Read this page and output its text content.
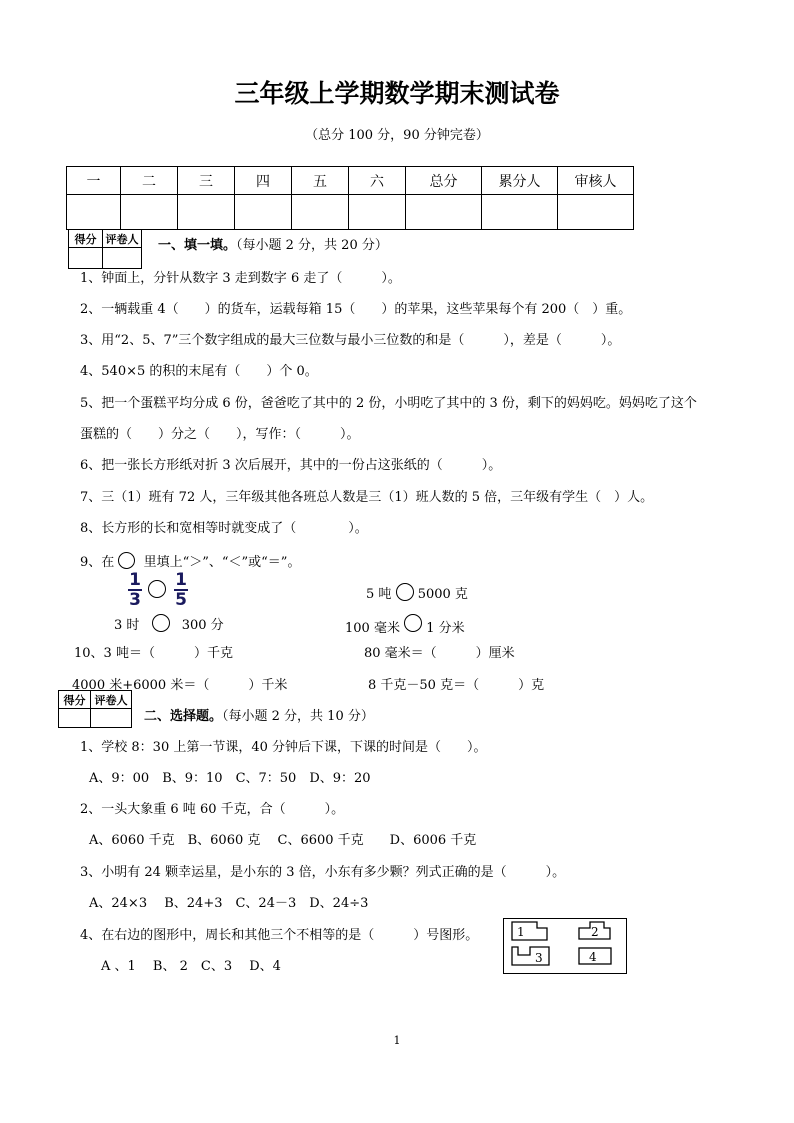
三年级上学期数学期末测试卷
（总分 100 分，90 分钟完卷）
一	二	三	四	五	六	总分	累分人	审核人

得分	评卷人
	一、填一填。（每小题 2 分，共 20 分）
1、钟面上，分针从数字 3 走到数字 6 走了（　　　）。
2、一辆载重 4（　　）的货车，运载每箱 15（　　）的苹果，这些苹果每个有 200（　）重。
3、用“2、5、7”三个数字组成的最大三位数与最小三位数的和是（　　　），差是（　　　）。
4、540×5 的积的末尾有（　　）个 0。
5、把一个蛋糕平均分成 6 份，爸爸吃了其中的 2 份，小明吃了其中的 3 份，剩下的妈妈吃。妈妈吃了这个
蛋糕的（　　）分之（　　），写作：（　　　）。
6、把一张长方形纸对折 3 次后展开，其中的一份占这张纸的（　　　）。
7、三（1）班有 72 人，三年级其他各班总人数是三（1）班人数的 5 倍，三年级有学生（　）人。
8、长方形的长和宽相等时就变成了（　　　　）。
9、在 里填上“＞”、“＜”或“＝”。
1
3
1
5	5 吨 5000 克
3 时	300 分	100 毫米 1 分米
10、3 吨＝（　　　）千克	80 毫米＝（　　　）厘米
4000 米+6000 米＝（　　　）千米	8 千克－50 克＝（　　　）克
得分	评卷人

二、选择题。（每小题 2 分，共 10 分）
1、学校 8：30 上第一节课，40 分钟后下课，下课的时间是（　　）。
A、9：00　B、9：10　C、7：50　D、9：20
2、一头大象重 6 吨 60 千克，合（　　　）。
A、6060 千克　B、6060 克　 C、6600 千克　　D、6006 千克
3、小明有 24 颗幸运星，是小东的 3 倍，小东有多少颗？列式正确的是（　　　）。
A、24×3　 B、24+3　C、24－3　D、24÷3
4、在右边的图形中，周长和其他三个不相等的是（　　　）号图形。
A 、1　 B、 2　C、3　 D、4
1	2
3	4
1
